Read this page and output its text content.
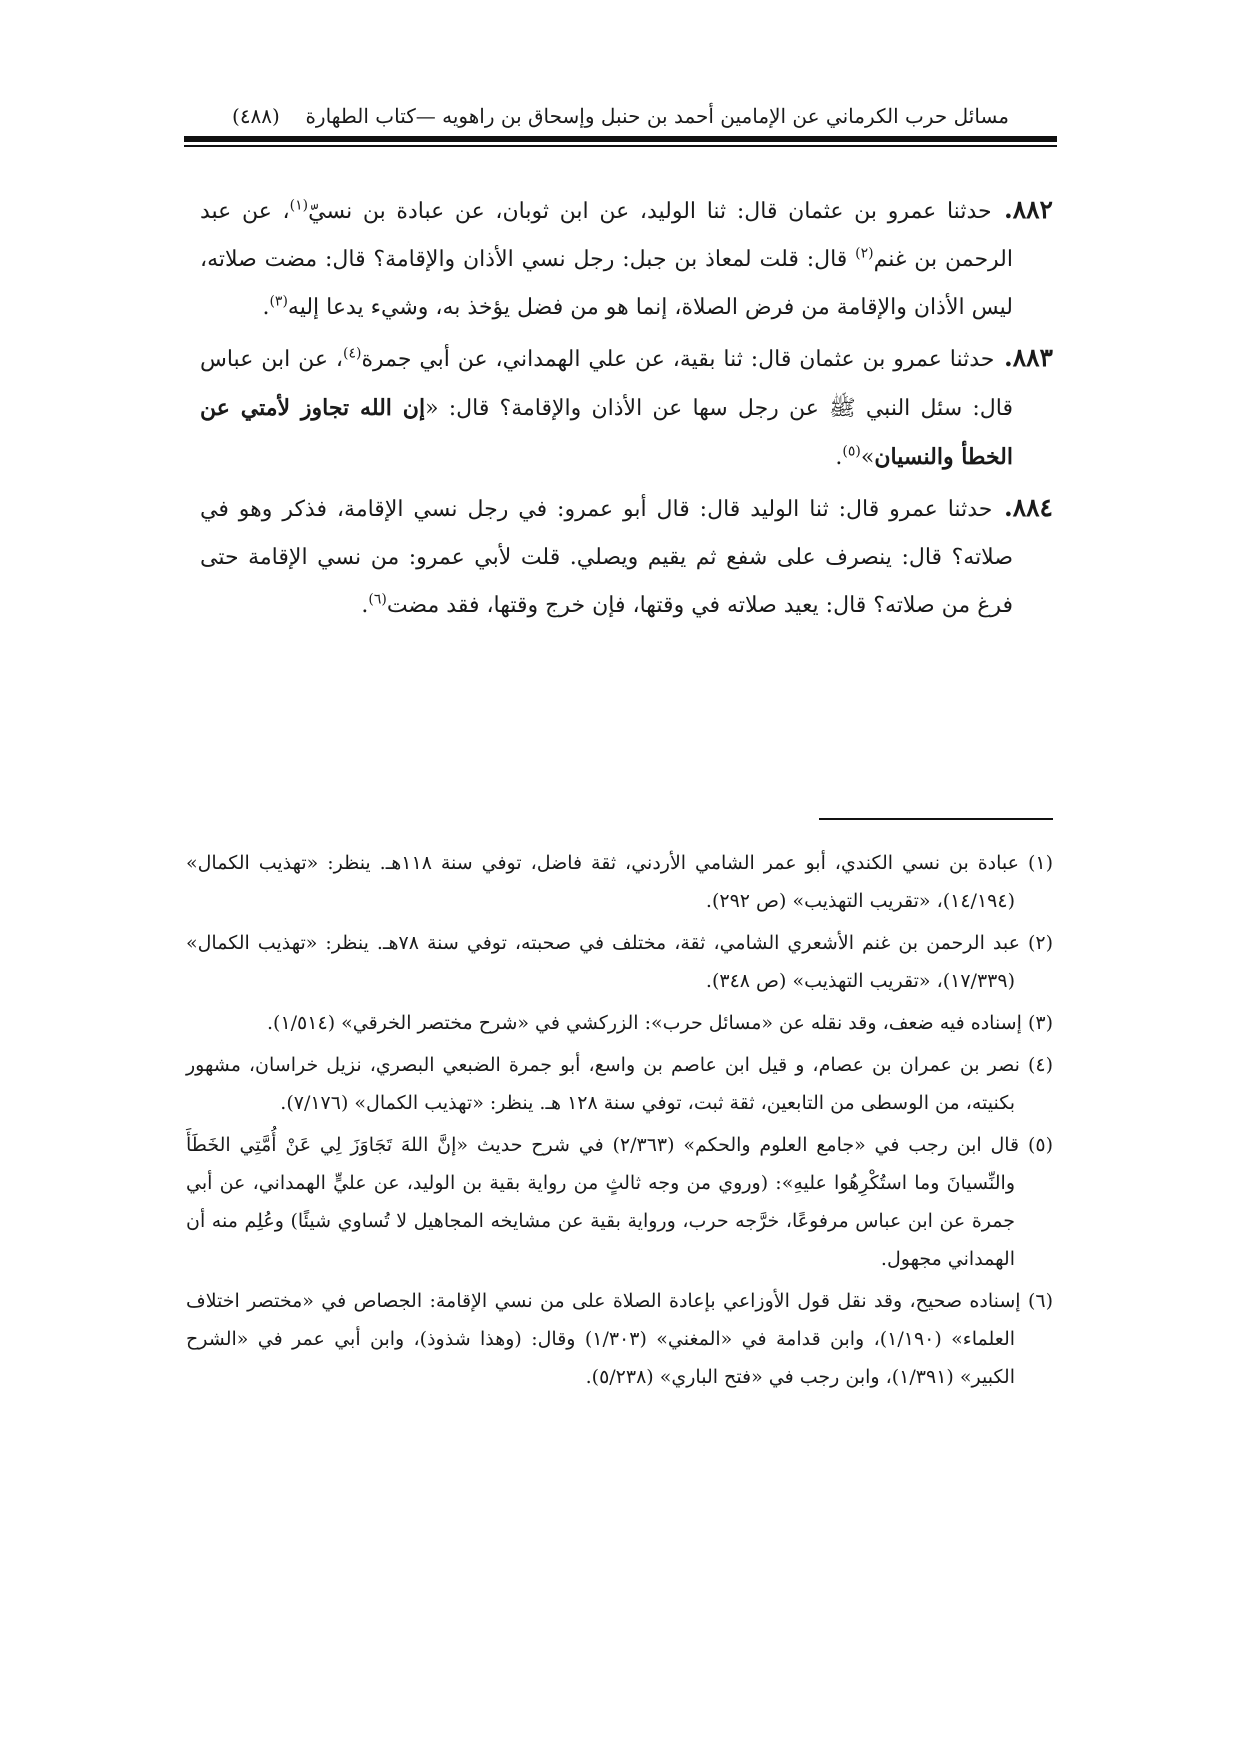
مسائل حرب الكرماني عن الإمامين أحمد بن حنبل وإسحاق بن راهويه —كتاب الطهارة
(٤٨٨)

٨٨٢ . حدثنا عمرو بن عثمان قال: ثنا الوليد، عن ابن ثوبان، عن عبادة بن نسيّ$^{(١)}$، عن عبد الرحمن بن غنم$^{(٢)}$ قال: قلت لمعاذ بن جبل: رجل نسي الأذان والإقامة؟ قال: مضت صلاته، ليس الأذان والإقامة من فرض الصلاة، إنما هو من فضل يؤخذ به، وشيء يدعا إليه$^{(٣)}$.

٨٨٣ . حدثنا عمرو بن عثمان قال: ثنا بقية، عن علي الهمداني، عن أبي جمرة$^{(٤)}$، عن ابن عباس قال: سئل النبي ﷺ عن رجل سها عن الأذان والإقامة؟ قال: «إن الله تجاوز لأمتي عن الخطأ والنسيان»$^{(٥)}$.

٨٨٤ . حدثنا عمرو قال: ثنا الوليد قال: قال أبو عمرو: في رجل نسي الإقامة، فذكر وهو في صلاته؟ قال: ينصرف على شفع ثم يقيم ويصلي. قلت لأبي عمرو: من نسي الإقامة حتى فرغ من صلاته؟ قال: يعيد صلاته في وقتها، فإن خرج وقتها، فقد مضت$^{(٦)}$.

(١) عبادة بن نسي الكندي، أبو عمر الشامي الأردني، ثقة فاضل، توفي سنة ١١٨هـ. ينظر: «تهذيب الكمال» (١٤/١٩٤)، «تقريب التهذيب» (ص ٢٩٢).

(٢) عبد الرحمن بن غنم الأشعري الشامي، ثقة، مختلف في صحبته، توفي سنة ٧٨هـ. ينظر: «تهذيب الكمال» (١٧/٣٣٩)، «تقريب التهذيب» (ص ٣٤٨).

(٣) إسناده فيه ضعف، وقد نقله عن «مسائل حرب»: الزركشي في «شرح مختصر الخرقي» (١/٥١٤).

(٤) نصر بن عمران بن عصام، و قيل ابن عاصم بن واسع، أبو جمرة الضبعي البصري، نزيل خراسان، مشهور بكنيته، من الوسطى من التابعين، ثقة ثبت، توفي سنة ١٢٨ هـ. ينظر: «تهذيب الكمال» (٧/١٧٦).

(٥) قال ابن رجب في «جامع العلوم والحكم» (٢/٣٦٣) في شرح حديث «إنَّ اللهَ تَجَاوَزَ لِي عَنْ أُمَّتِي الخَطَأَ والنِّسيانَ وما استُكْرِهُوا عليهِ»: (وروي من وجه ثالثٍ من رواية بقية بن الوليد، عن عليٍّ الهمداني، عن أبي جمرة عن ابن عباس مرفوعًا، خرَّجه حرب، ورواية بقية عن مشايخه المجاهيل لا تُساوي شيئًا) وعُلِم منه أن الهمداني مجهول.

(٦) إسناده صحيح، وقد نقل قول الأوزاعي بإعادة الصلاة على من نسي الإقامة: الجصاص في «مختصر اختلاف العلماء» (١/١٩٠)، وابن قدامة في «المغني» (١/٣٠٣) وقال: (وهذا شذوذ)، وابن أبي عمر في «الشرح الكبير» (١/٣٩١)، وابن رجب في «فتح الباري» (٥/٢٣٨).
